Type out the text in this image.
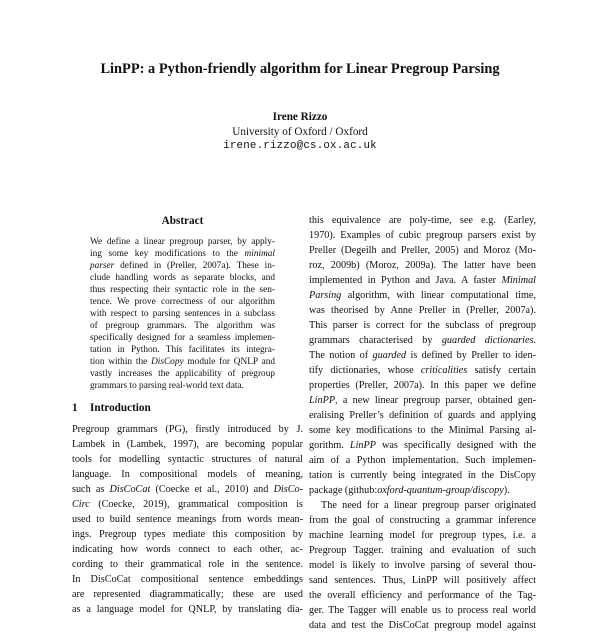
LinPP: a Python-friendly algorithm for Linear Pregroup Parsing
Irene Rizzo
University of Oxford / Oxford
irene.rizzo@cs.ox.ac.uk
Abstract
We define a linear pregroup parser, by apply-
ing some key modifications to the minimal
parser defined in (Preller, 2007a). These in-
clude handling words as separate blocks, and
thus respecting their syntactic role in the sen-
tence. We prove correctness of our algorithm
with respect to parsing sentences in a subclass
of pregroup grammars. The algorithm was
specifically designed for a seamless implemen-
tation in Python. This facilitates its integra-
tion within the DisCopy module for QNLP and
vastly increases the applicability of pregroup
grammars to parsing real-world text data.
1 Introduction
Pregroup grammars (PG), firstly introduced by J.
Lambek in (Lambek, 1997), are becoming popular
tools for modelling syntactic structures of natural
language. In compositional models of meaning,
such as DisCoCat (Coecke et al., 2010) and DisCo-
Circ (Coecke, 2019), grammatical composition is
used to build sentence meanings from words mean-
ings. Pregroup types mediate this composition by
indicating how words connect to each other, ac-
cording to their grammatical role in the sentence.
In DisCoCat compositional sentence embeddings
are represented diagrammatically; these are used
as a language model for QNLP, by translating dia-
this equivalence are poly-time, see e.g. (Earley,
1970). Examples of cubic pregroup parsers exist by
Preller (Degeilh and Preller, 2005) and Moroz (Mo-
roz, 2009b) (Moroz, 2009a). The latter have been
implemented in Python and Java. A faster Minimal
Parsing algorithm, with linear computational time,
was theorised by Anne Preller in (Preller, 2007a).
This parser is correct for the subclass of pregroup
grammars characterised by guarded dictionaries.
The notion of guarded is defined by Preller to iden-
tify dictionaries, whose criticalities satisfy certain
properties (Preller, 2007a). In this paper we define
LinPP, a new linear pregroup parser, obtained gen-
eralising Preller’s definition of guards and applying
some key modifications to the Minimal Parsing al-
gorithm. LinPP was specifically designed with the
aim of a Python implementation. Such implemen-
tation is currently being integrated in the DisCopy
package (github:oxford-quantum-group/discopy).
The need for a linear pregroup parser originated
from the goal of constructing a grammar inference
machine learning model for pregroup types, i.e. a
Pregroup Tagger. training and evaluation of such
model is likely to involve parsing of several thou-
sand sentences. Thus, LinPP will positively affect
the overall efficiency and performance of the Tag-
ger. The Tagger will enable us to process real world
data and test the DisCoCat pregroup model against
